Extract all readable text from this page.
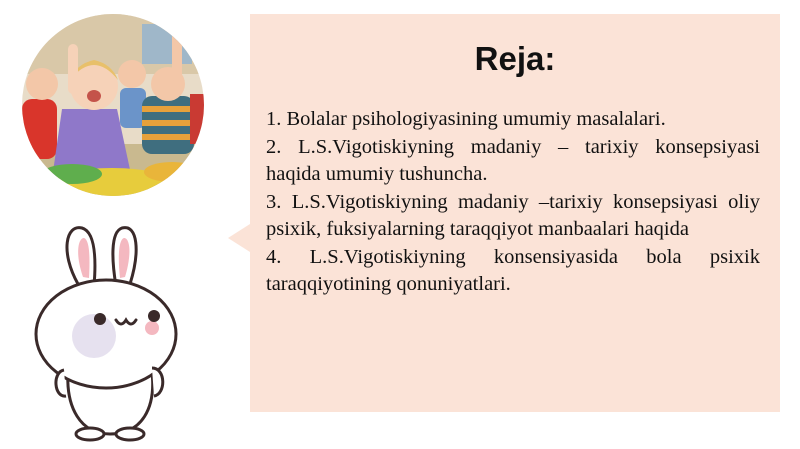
Reja:
1. Bolalar psihologiyasining umumiy masalalari.
2. L.S.Vigotiskiyning madaniy – tarixiy konsepsiyasi haqida umumiy tushuncha.
3. L.S.Vigotiskiyning madaniy –tarixiy konsepsiyasi oliy psixik, fuksiyalarning taraqqiyot manbaalari haqida
4. L.S.Vigotiskiyning konsensiyasida bola psixik taraqqiyotining qonuniyatlari.
